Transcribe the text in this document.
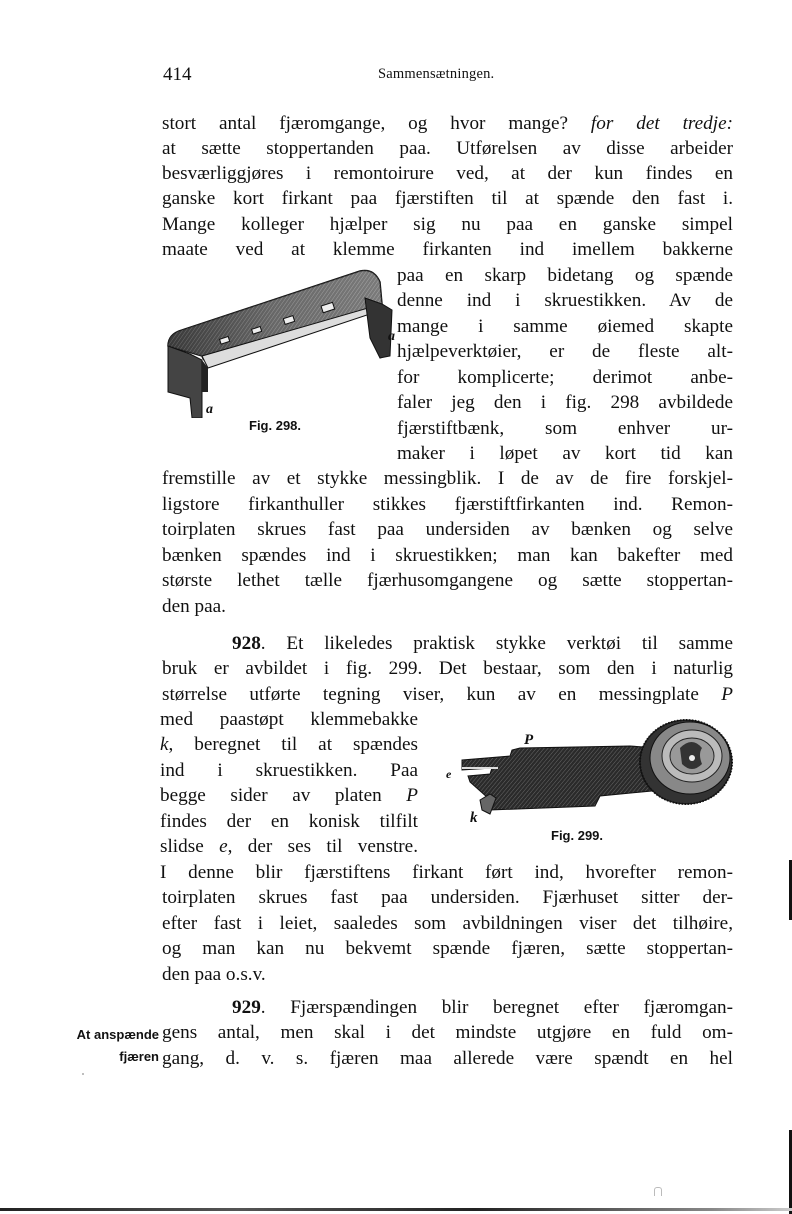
414	Sammensætningen.
stort antal fjæromgange, og hvor mange? for det tredje:
at sætte stoppertanden paa. Utførelsen av disse arbeider
besværliggjøres i remontoirure ved, at der kun findes en
ganske kort firkant paa fjærstiften til at spænde den fast i.
Mange kolleger hjælper sig nu paa en ganske simpel
maate ved at klemme firkanten ind imellem bakkerne
a
a
Fig. 298.
paa en skarp bidetang og spænde
denne ind i skruestikken. Av de
mange i samme øiemed skapte
hjælpeverktøier, er de fleste alt-
for komplicerte; derimot anbe-
faler jeg den i fig. 298 avbildede
fjærstiftbænk, som enhver ur-
maker i løpet av kort tid kan
fremstille av et stykke messingblik. I de av de fire forskjel-
ligstore firkanthuller stikkes fjærstiftfirkanten ind. Remon-
toirplaten skrues fast paa undersiden av bænken og selve
bænken spændes ind i skruestikken; man kan bakefter med
største lethet tælle fjærhusomgangene og sætte stoppertan-
den paa.
928. Et likeledes praktisk stykke verktøi til samme
bruk er avbildet i fig. 299. Det bestaar, som den i naturlig
størrelse utførte tegning viser, kun av en messingplate P
med paastøpt klemmebakke
k, beregnet til at spændes
ind i skruestikken. Paa
begge sider av platen P
findes der en konisk tilfilt
slidse e, der ses til venstre.
P
k
e
Fig. 299.
I denne blir fjærstiftens firkant ført ind, hvorefter remon-
toirplaten skrues fast paa undersiden. Fjærhuset sitter der-
efter fast i leiet, saaledes som avbildningen viser det tilhøire,
og man kan nu bekvemt spænde fjæren, sætte stoppertan-
den paa o.s.v.
929. Fjærspændingen blir beregnet efter fjæromgan-
gens antal, men skal i det mindste utgjøre en fuld om-
gang, d. v. s. fjæren maa allerede være spændt en hel
At anspænde
fjæren
